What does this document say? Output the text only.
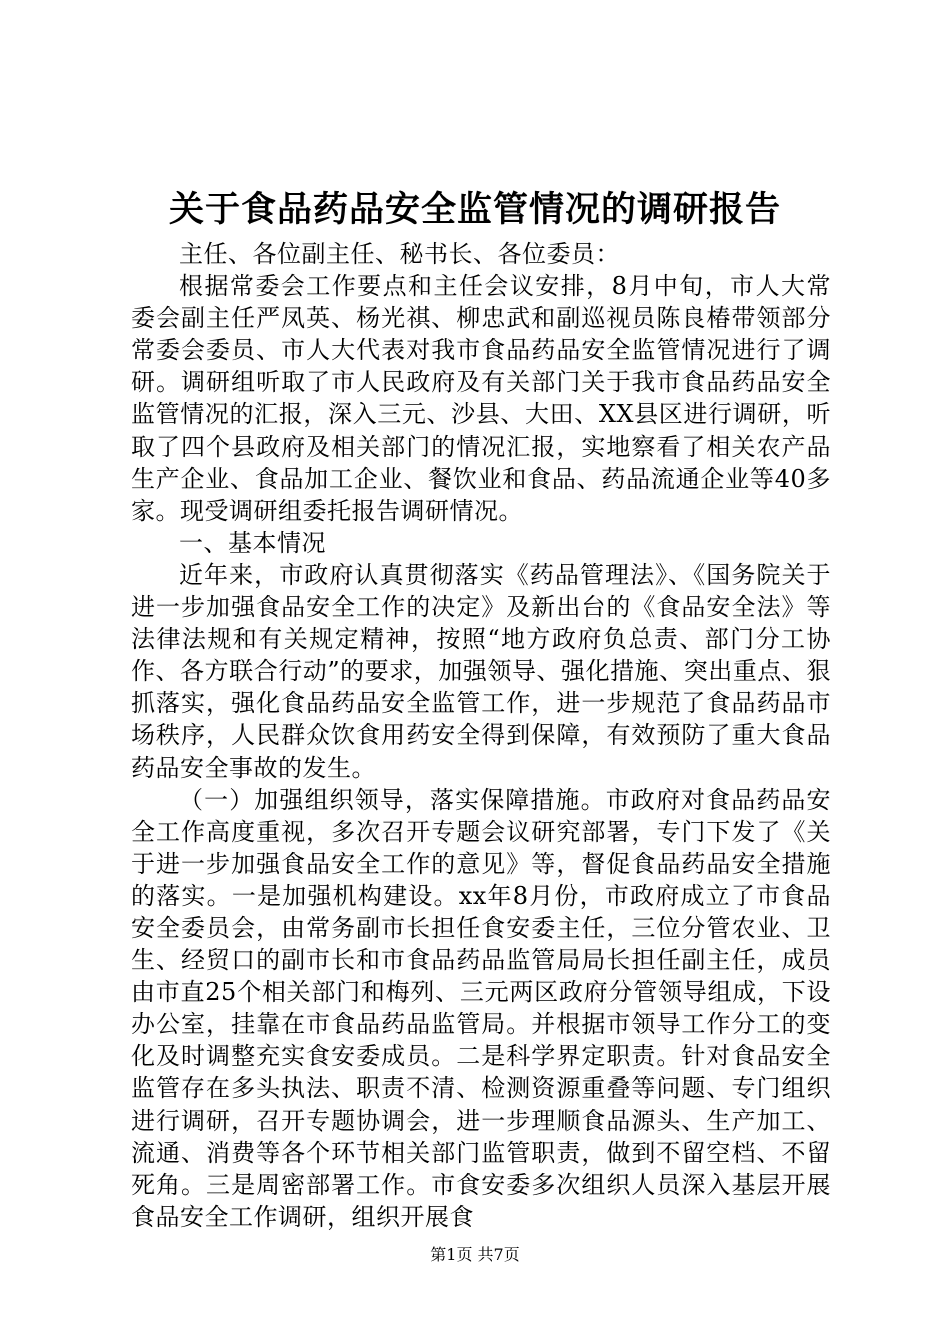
关于食品药品安全监管情况的调研报告

主任、各位副主任、秘书长、各位委员：

根据常委会工作要点和主任会议安排，8月中旬，市人大常委会副主任严凤英、杨光祺、柳忠武和副巡视员陈良椿带领部分常委会委员、市人大代表对我市食品药品安全监管情况进行了调研。调研组听取了市人民政府及有关部门关于我市食品药品安全监管情况的汇报，深入三元、沙县、大田、XX县区进行调研，听取了四个县政府及相关部门的情况汇报，实地察看了相关农产品生产企业、食品加工企业、餐饮业和食品、药品流通企业等40多家。现受调研组委托报告调研情况。

一、基本情况

近年来，市政府认真贯彻落实《药品管理法》、《国务院关于进一步加强食品安全工作的决定》及新出台的《食品安全法》等法律法规和有关规定精神，按照“地方政府负总责、部门分工协作、各方联合行动”的要求，加强领导、强化措施、突出重点、狠抓落实，强化食品药品安全监管工作，进一步规范了食品药品市场秩序，人民群众饮食用药安全得到保障，有效预防了重大食品药品安全事故的发生。

（一）加强组织领导，落实保障措施。市政府对食品药品安全工作高度重视，多次召开专题会议研究部署，专门下发了《关于进一步加强食品安全工作的意见》等，督促食品药品安全措施的落实。一是加强机构建设。xx年8月份，市政府成立了市食品安全委员会，由常务副市长担任食安委主任，三位分管农业、卫生、经贸口的副市长和市食品药品监管局局长担任副主任，成员由市直25个相关部门和梅列、三元两区政府分管领导组成，下设办公室，挂靠在市食品药品监管局。并根据市领导工作分工的变化及时调整充实食安委成员。二是科学界定职责。针对食品安全监管存在多头执法、职责不清、检测资源重叠等问题、专门组织进行调研，召开专题协调会，进一步理顺食品源头、生产加工、流通、消费等各个环节相关部门监管职责，做到不留空档、不留死角。三是周密部署工作。市食安委多次组织人员深入基层开展食品安全工作调研，组织开展食

第1页 共7页
